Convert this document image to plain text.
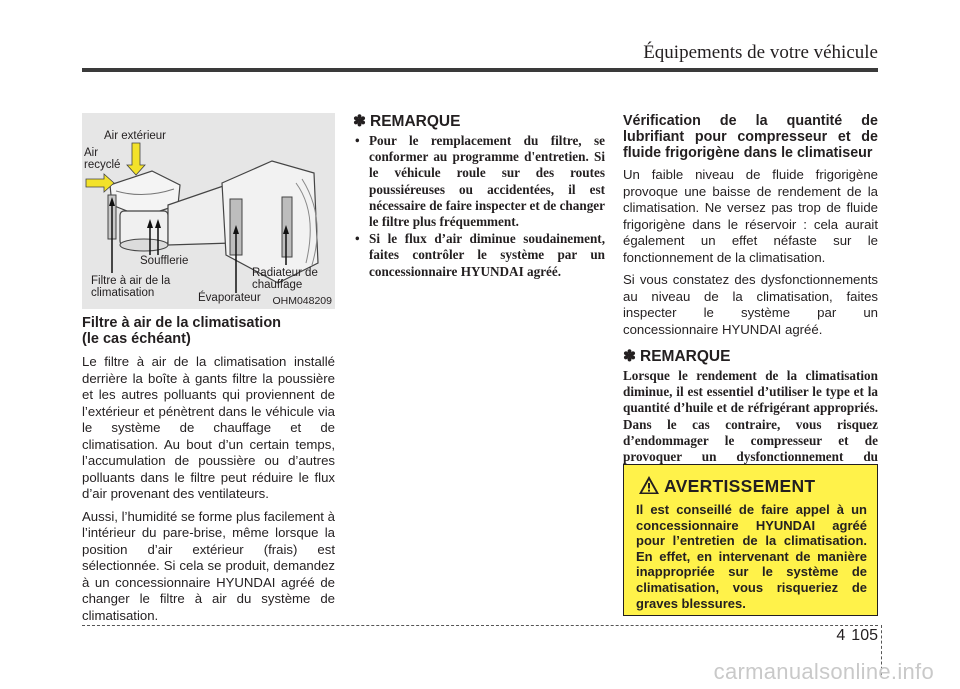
Équipements de votre véhicule
Air extérieur
Air
recyclé
Soufflerie
Filtre à air de la
climatisation	Évaporateur
Radiateur de
chauffage
OHM048209
Filtre à air de la climatisation
(le cas échéant)

Le filtre à air de la climatisation installé derrière la boîte à gants filtre la poussière et les autres polluants qui proviennent de l’extérieur et pénètrent dans le véhicule via le système de chauffage et de climatisation. Au bout d’un certain temps, l’accumulation de poussière ou d’autres polluants dans le filtre peut réduire le flux d’air provenant des ventilateurs.

Aussi, l’humidité se forme plus facilement à l’intérieur du pare-brise, même lorsque la position d’air extérieur (frais) est sélectionnée. Si cela se produit, demandez à un concessionnaire HYUNDAI agréé de changer le filtre à air du système de climatisation.

✽ REMARQUE
• Pour le remplacement du filtre, se conformer au programme d'entretien. Si le véhicule roule sur des routes poussiéreuses ou accidentées, il est nécessaire de faire inspecter et de changer le filtre plus fréquemment.
• Si le flux d’air diminue soudainement, faites contrôler le système par un concessionnaire HYUNDAI agréé.
Vérification de la quantité de lubrifiant pour compresseur et de fluide frigorigène dans le climatiseur

Un faible niveau de fluide frigorigène provoque une baisse de rendement de la climatisation. Ne versez pas trop de fluide frigorigène dans le réservoir : cela aurait également un effet néfaste sur le fonctionnement de la climatisation.

Si vous constatez des dysfonctionnements au niveau de la climatisation, faites inspecter le système par un concessionnaire HYUNDAI agréé.

✽ REMARQUE
Lorsque le rendement de la climatisation diminue, il est essentiel d’utiliser le type et la quantité d’huile et de réfrigérant appropriés. Dans le cas contraire, vous risquez d’endommager le compresseur et de provoquer un dysfonctionnement du
AVERTISSEMENT
Il est conseillé de faire appel à un concessionnaire HYUNDAI agréé pour l’entretien de la climatisation. En effet, en intervenant de manière inappropriée sur le système de climatisation, vous risqueriez de graves blessures.
4 105
carmanualsonline.info
